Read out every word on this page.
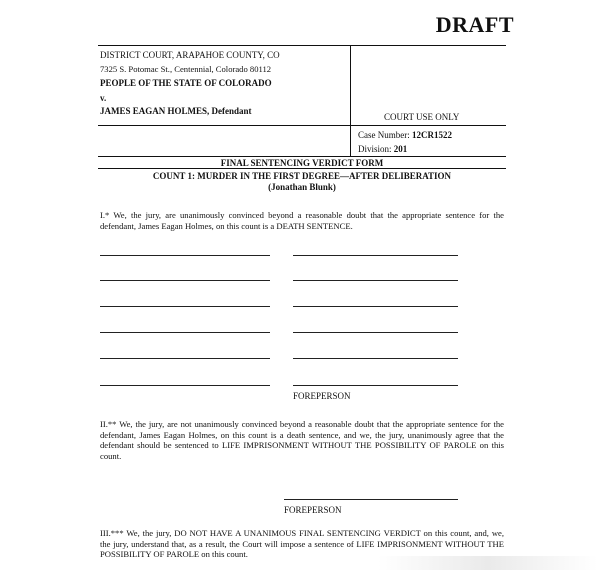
DRAFT
DISTRICT COURT, ARAPAHOE COUNTY, CO
7325 S. Potomac St., Centennial, Colorado 80112
PEOPLE OF THE STATE OF COLORADO
v.
JAMES EAGAN HOLMES, Defendant
COURT USE ONLY
Case Number: 12CR1522
Division: 201
FINAL SENTENCING VERDICT FORM
COUNT 1: MURDER IN THE FIRST DEGREE—AFTER DELIBERATION
(Jonathan Blunk)
I.* We, the jury, are unanimously convinced beyond a reasonable doubt that the appropriate sentence for the defendant, James Eagan Holmes, on this count is a DEATH SENTENCE.
FOREPERSON
II.** We, the jury, are not unanimously convinced beyond a reasonable doubt that the appropriate sentence for the defendant, James Eagan Holmes, on this count is a death sentence, and we, the jury, unanimously agree that the defendant should be sentenced to LIFE IMPRISONMENT WITHOUT THE POSSIBILITY OF PAROLE on this count.
FOREPERSON
III.*** We, the jury, DO NOT HAVE A UNANIMOUS FINAL SENTENCING VERDICT on this count, and, we, the jury, understand that, as a result, the Court will impose a sentence of LIFE IMPRISONMENT WITHOUT THE POSSIBILITY OF PAROLE on this count.
